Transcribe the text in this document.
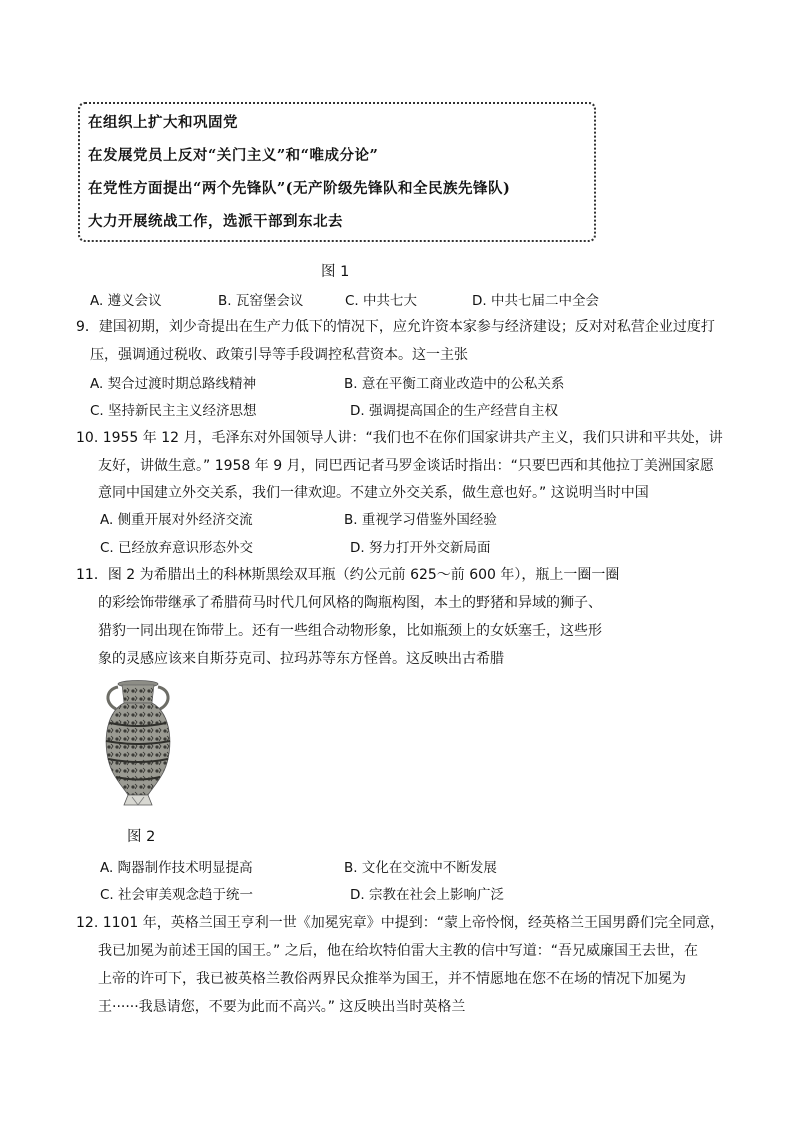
在组织上扩大和巩固党
在发展党员上反对“关门主义”和“唯成分论”
在党性方面提出“两个先锋队”(无产阶级先锋队和全民族先锋队)
大力开展统战工作，选派干部到东北去
图 1
A. 遵义会议	B. 瓦窑堡会议	C. 中共七大	D. 中共七届二中全会
9．建国初期，刘少奇提出在生产力低下的情况下，应允许资本家参与经济建设；反对对私营企业过度打
压，强调通过税收、政策引导等手段调控私营资本。这一主张
A. 契合过渡时期总路线精神	B. 意在平衡工商业改造中的公私关系
C. 坚持新民主主义经济思想	D. 强调提高国企的生产经营自主权
10. 1955 年 12 月，毛泽东对外国领导人讲：“我们也不在你们国家讲共产主义，我们只讲和平共处，讲
友好，讲做生意。” 1958 年 9 月，同巴西记者马罗金谈话时指出：“只要巴西和其他拉丁美洲国家愿
意同中国建立外交关系，我们一律欢迎。不建立外交关系，做生意也好。” 这说明当时中国
A. 侧重开展对外经济交流	B. 重视学习借鉴外国经验
C. 已经放弃意识形态外交	D. 努力打开外交新局面
11．图 2 为希腊出土的科林斯黑绘双耳瓶（约公元前 625～前 600 年），瓶上一圈一圈
的彩绘饰带继承了希腊荷马时代几何风格的陶瓶构图，本土的野猪和异域的狮子、
猎豹一同出现在饰带上。还有一些组合动物形象，比如瓶颈上的女妖塞壬，这些形
象的灵感应该来自斯芬克司、拉玛苏等东方怪兽。这反映出古希腊
图 2
A. 陶器制作技术明显提高	B. 文化在交流中不断发展
C. 社会审美观念趋于统一	D. 宗教在社会上影响广泛
12. 1101 年，英格兰国王亨利一世《加冕宪章》中提到：“蒙上帝怜悯，经英格兰王国男爵们完全同意，
我已加冕为前述王国的国王。” 之后，他在给坎特伯雷大主教的信中写道：“吾兄威廉国王去世，在
上帝的许可下，我已被英格兰教俗两界民众推举为国王，并不情愿地在您不在场的情况下加冕为
王······我恳请您，不要为此而不高兴。” 这反映出当时英格兰
